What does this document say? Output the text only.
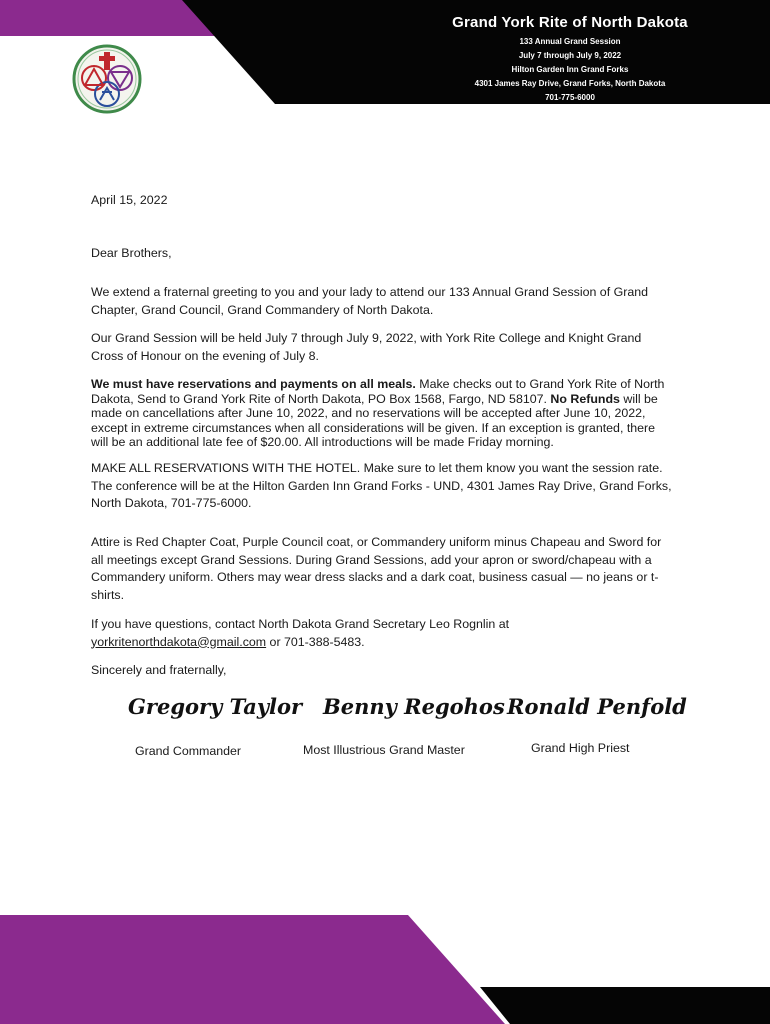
Grand York Rite of North Dakota
133 Annual Grand Session
July 7 through July 9, 2022
Hilton Garden Inn Grand Forks
4301 James Ray Drive, Grand Forks, North Dakota
701-775-6000
April 15, 2022
Dear Brothers,

We extend a fraternal greeting to you and your lady to attend our 133 Annual Grand Session of Grand Chapter, Grand Council, Grand Commandery of North Dakota.

Our Grand Session will be held July 7 through July 9, 2022, with York Rite College and Knight Grand Cross of Honour on the evening of July 8.

We must have reservations and payments on all meals. Make checks out to Grand York Rite of North Dakota, Send to Grand York Rite of North Dakota, PO Box 1568, Fargo, ND 58107. No Refunds will be made on cancellations after June 10, 2022, and no reservations will be accepted after June 10, 2022, except in extreme circumstances when all considerations will be given. If an exception is granted, there will be an additional late fee of $20.00. All introductions will be made Friday morning.

MAKE ALL RESERVATIONS WITH THE HOTEL. Make sure to let them know you want the session rate. The conference will be at the Hilton Garden Inn Grand Forks - UND, 4301 James Ray Drive, Grand Forks, North Dakota, 701-775-6000.

Attire is Red Chapter Coat, Purple Council coat, or Commandery uniform minus Chapeau and Sword for all meetings except Grand Sessions. During Grand Sessions, add your apron or sword/chapeau with a Commandery uniform. Others may wear dress slacks and a dark coat, business casual — no jeans or t-shirts.

If you have questions, contact North Dakota Grand Secretary Leo Rognlin at yorkritenorthdakota@gmail.com or 701-388-5483.

Sincerely and fraternally,
Gregory Taylor
Grand Commander
Benny Regohos
Most Illustrious Grand Master
Ronald Penfold
Grand High Priest
